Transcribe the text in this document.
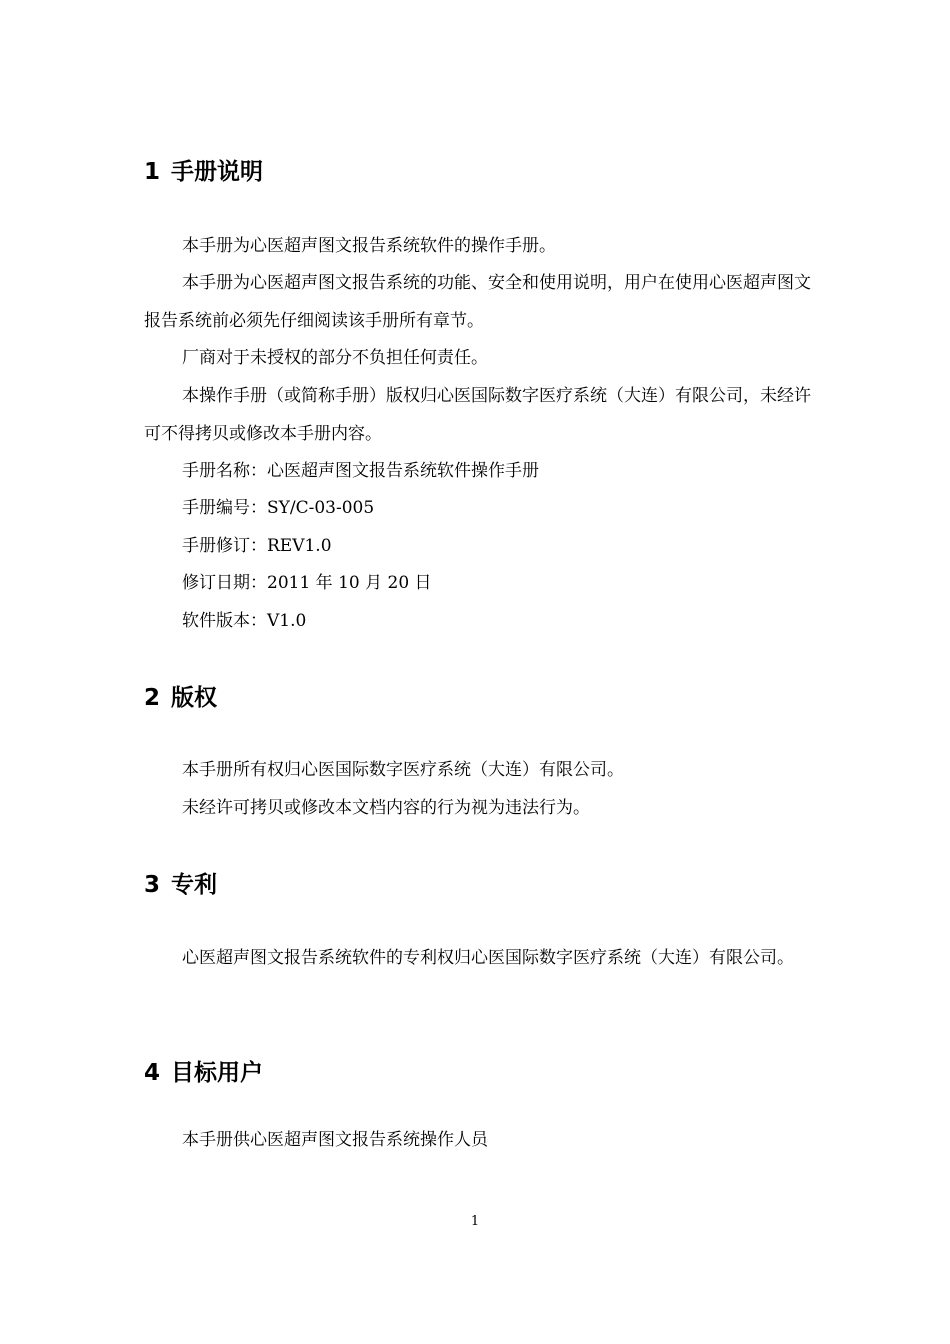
1 手册说明

本手册为心医超声图文报告系统软件的操作手册。

本手册为心医超声图文报告系统的功能、安全和使用说明，用户在使用心医超声图文报告系统前必须先仔细阅读该手册所有章节。

厂商对于未授权的部分不负担任何责任。

本操作手册（或简称手册）版权归心医国际数字医疗系统（大连）有限公司，未经许可不得拷贝或修改本手册内容。

手册名称：心医超声图文报告系统软件操作手册

手册编号：SY/C-03-005

手册修订：REV1.0

修订日期：2011 年 10 月 20 日

软件版本：V1.0

2 版权

本手册所有权归心医国际数字医疗系统（大连）有限公司。

未经许可拷贝或修改本文档内容的行为视为违法行为。

3 专利

心医超声图文报告系统软件的专利权归心医国际数字医疗系统（大连）有限公司。

4 目标用户

本手册供心医超声图文报告系统操作人员

1
